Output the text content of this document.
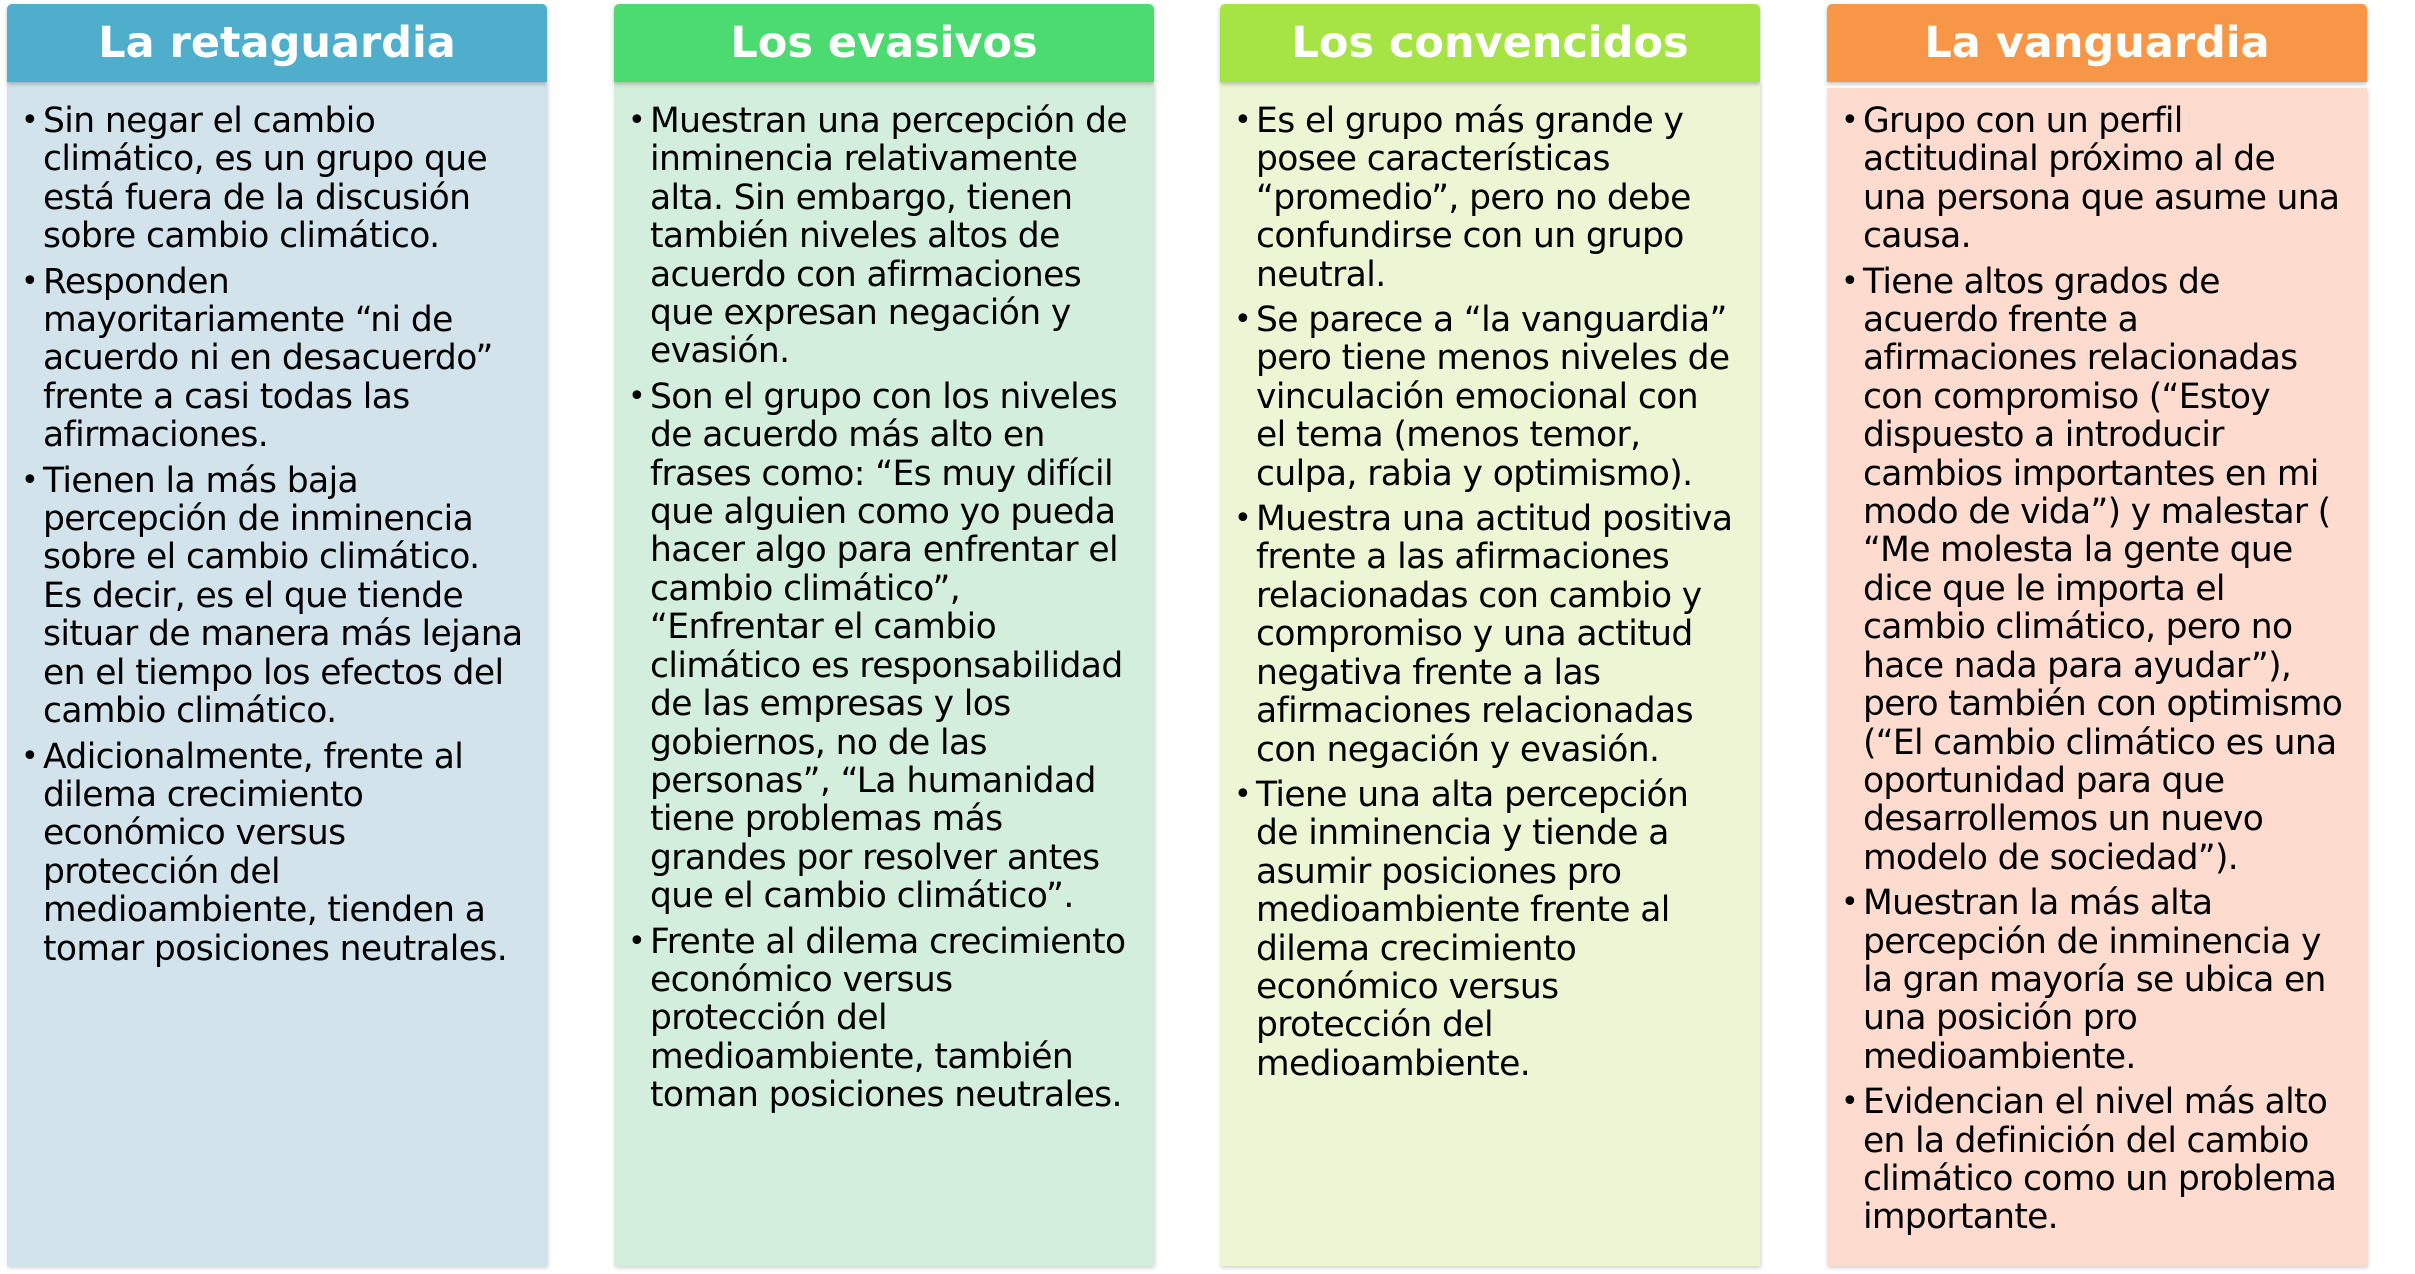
La retaguardia
• Sin negar el cambio climático, es un grupo que está fuera de la discusión sobre cambio climático.
• Responden mayoritariamente “ni de acuerdo ni en desacuerdo” frente a casi todas las afirmaciones.
• Tienen la más baja percepción de inminencia sobre el cambio climático. Es decir, es el que tiende situar de manera más lejana en el tiempo los efectos del cambio climático.
• Adicionalmente, frente al dilema crecimiento económico versus protección del medioambiente, tienden a tomar posiciones neutrales.
Los evasivos
• Muestran una percepción de inminencia relativamente alta. Sin embargo, tienen también niveles altos de acuerdo con afirmaciones que expresan negación y evasión.
• Son el grupo con los niveles de acuerdo más alto en frases como: “Es muy difícil que alguien como yo pueda hacer algo para enfrentar el cambio climático”, “Enfrentar el cambio climático es responsabilidad de las empresas y los gobiernos, no de las personas”, “La humanidad tiene problemas más grandes por resolver antes que el cambio climático”.
• Frente al dilema crecimiento económico versus protección del medioambiente, también toman posiciones neutrales.
Los convencidos
• Es el grupo más grande y posee características “promedio”, pero no debe confundirse con un grupo neutral.
• Se parece a “la vanguardia” pero tiene menos niveles de vinculación emocional con el tema (menos temor, culpa, rabia y optimismo).
• Muestra una actitud positiva frente a las afirmaciones relacionadas con cambio y compromiso y una actitud negativa frente a las afirmaciones relacionadas con negación y evasión.
• Tiene una alta percepción de inminencia y tiende a asumir posiciones pro medioambiente frente al dilema crecimiento económico versus protección del medioambiente.
La vanguardia
• Grupo con un perfil actitudinal próximo al de una persona que asume una causa.
• Tiene altos grados de acuerdo frente a afirmaciones relacionadas con compromiso (“Estoy dispuesto a introducir cambios importantes en mi modo de vida”) y malestar ( “Me molesta la gente que dice que le importa el cambio climático, pero no hace nada para ayudar”), pero también con optimismo (“El cambio climático es una oportunidad para que desarrollemos un nuevo modelo de sociedad”).
• Muestran la más alta percepción de inminencia y la gran mayoría se ubica en una posición pro medioambiente.
• Evidencian el nivel más alto en la definición del cambio climático como un problema importante.
